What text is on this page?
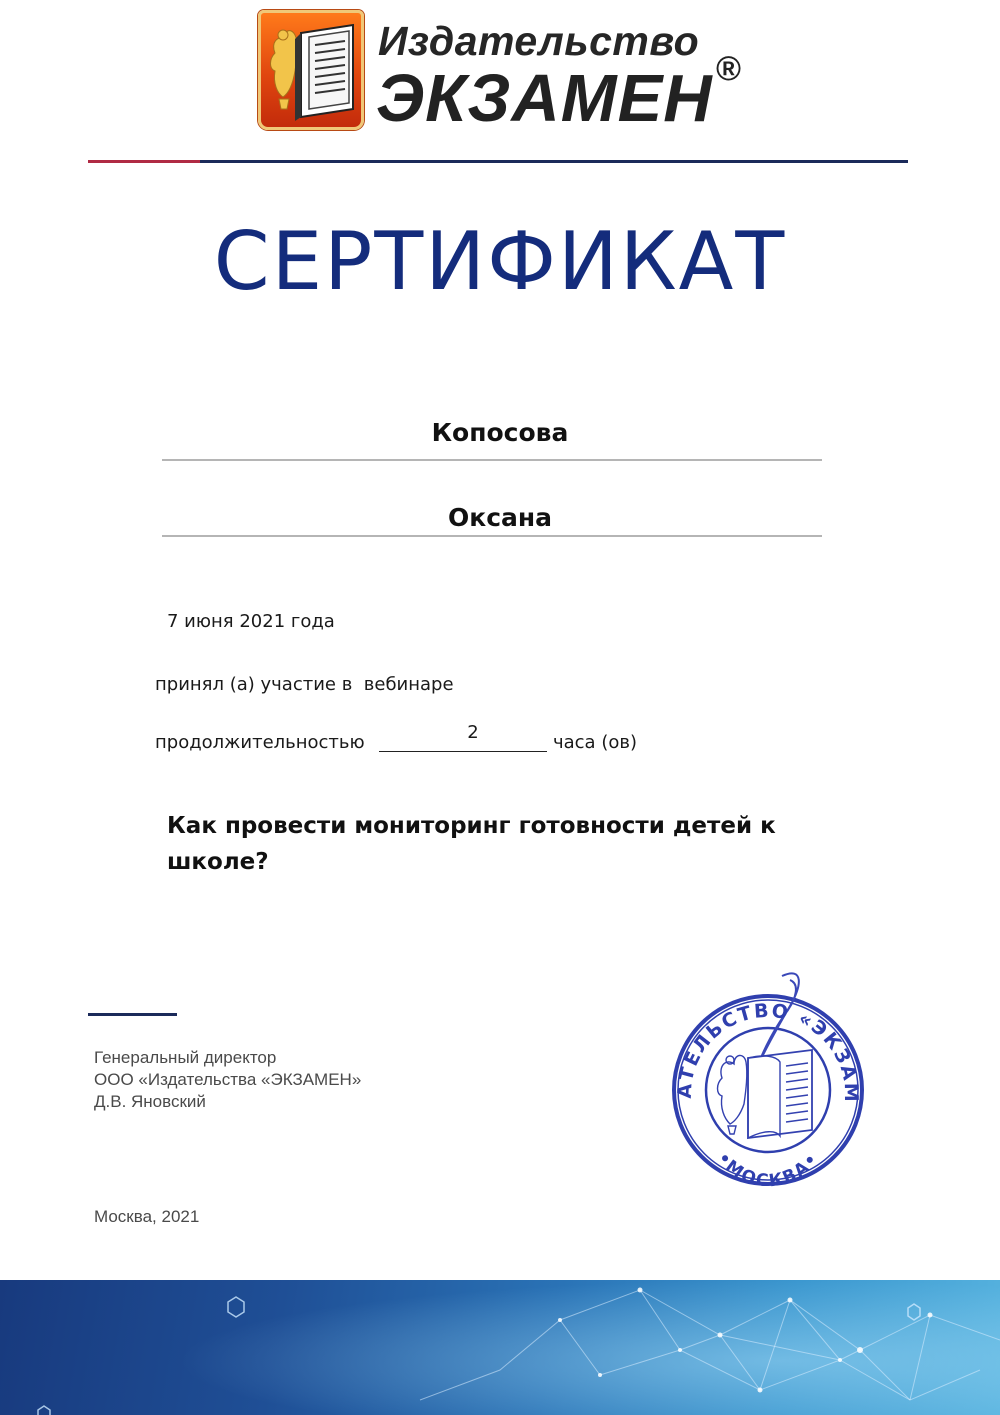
Издательство
ЭКЗАМЕН ®
СЕРТИФИКАТ
Копосова
Оксана
7 июня 2021 года
принял (а) участие в  вебинаре
продолжительностью	2	часа (ов)
Как провести мониторинг готовности детей к школе?
Генеральный директор
ООО «Издательства «ЭКЗАМЕН»
Д.В. Яновский
Москва, 2021
АТЕЛЬСТВО «ЭКЗАМ
•МОСКВА•
